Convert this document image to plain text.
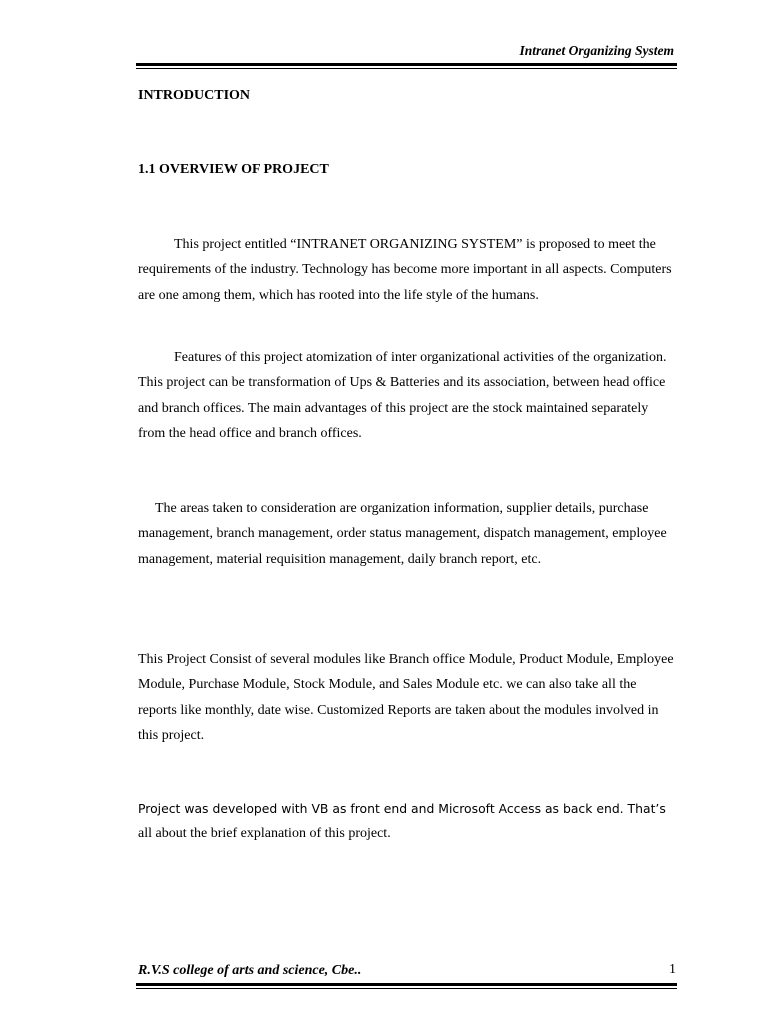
Intranet Organizing System
INTRODUCTION
1.1 OVERVIEW OF PROJECT
This project entitled “INTRANET ORGANIZING SYSTEM” is proposed to meet the requirements of the industry. Technology has become more important in all aspects. Computers are one among them, which has rooted into the life style of the humans.
Features of this project atomization of inter organizational activities of the organization. This project can be transformation of Ups & Batteries and its association, between head office and branch offices. The main advantages of this project are the stock maintained separately from the head office and branch offices.
The areas taken to consideration are organization information, supplier details, purchase management, branch management, order status management, dispatch management, employee management, material requisition management, daily branch report, etc.
This Project Consist of several modules like Branch office Module, Product Module, Employee Module, Purchase Module, Stock Module, and Sales Module etc. we can also take all the reports like monthly, date wise. Customized Reports are taken about the modules involved in this project.
Project was developed with VB as front end and Microsoft Access as back end. That’s
all about the brief explanation of this project.
R.V.S college of arts and science, Cbe..	1
